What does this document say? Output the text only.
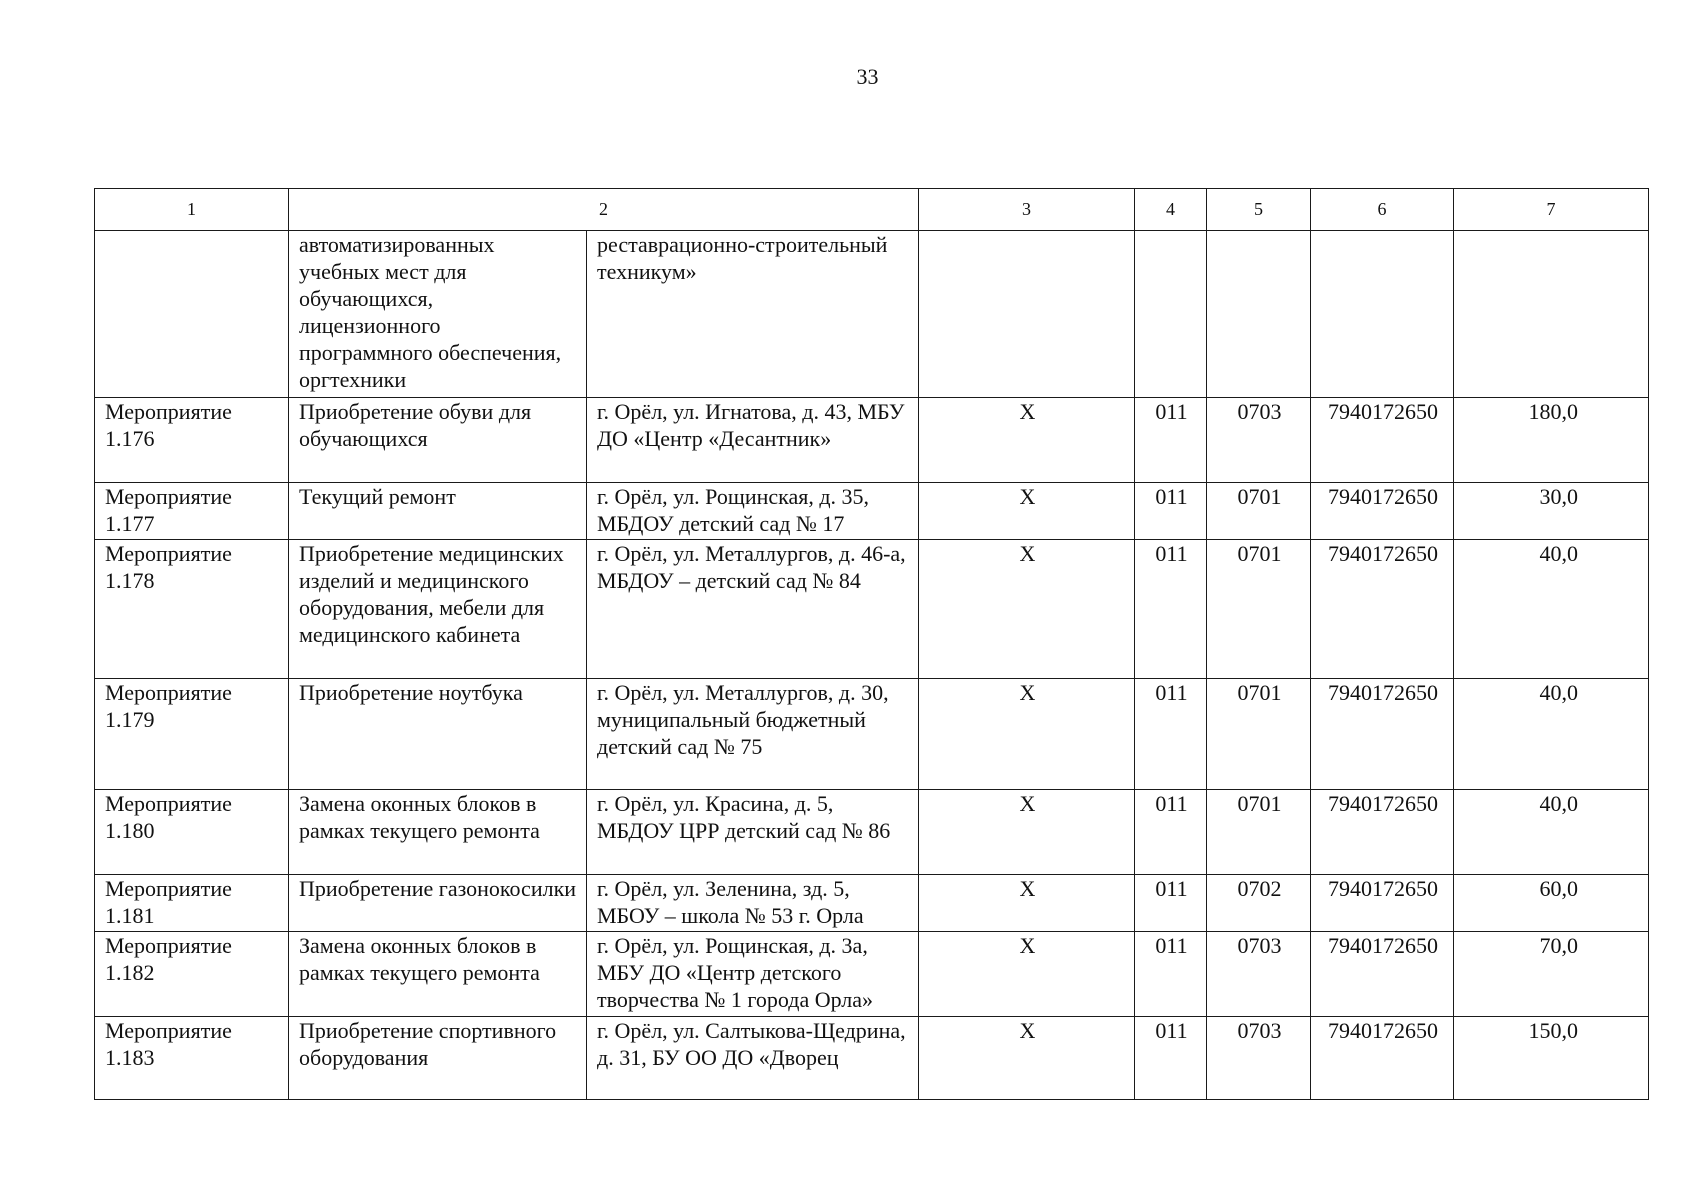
33
1	2		3	4	5	6	7
	автоматизированных учебных мест для обучающихся, лицензионного программного обеспечения, оргтехники	реставрационно-строительный техникум»					
Мероприятие 1.176	Приобретение обуви для обучающихся	г. Орёл, ул. Игнатова, д. 43, МБУ ДО «Центр «Десантник»	Х	011	0703	7940172650	180,0
Мероприятие 1.177	Текущий ремонт	г. Орёл, ул. Рощинская, д. 35, МБДОУ детский сад № 17	Х	011	0701	7940172650	30,0
Мероприятие 1.178	Приобретение медицинских изделий и медицинского оборудования, мебели для медицинского кабинета	г. Орёл, ул. Металлургов, д. 46-а, МБДОУ – детский сад № 84	Х	011	0701	7940172650	40,0
Мероприятие 1.179	Приобретение ноутбука	г. Орёл, ул. Металлургов, д. 30, муниципальный бюджетный детский сад № 75	Х	011	0701	7940172650	40,0
Мероприятие 1.180	Замена оконных блоков в рамках текущего ремонта	г. Орёл, ул. Красина, д. 5, МБДОУ ЦРР детский сад № 86	Х	011	0701	7940172650	40,0
Мероприятие 1.181	Приобретение газонокосилки	г. Орёл, ул. Зеленина, зд. 5, МБОУ – школа № 53 г. Орла	Х	011	0702	7940172650	60,0
Мероприятие 1.182	Замена оконных блоков в рамках текущего ремонта	г. Орёл, ул. Рощинская, д. 3а, МБУ ДО «Центр детского творчества № 1 города Орла»	Х	011	0703	7940172650	70,0
Мероприятие 1.183	Приобретение спортивного оборудования	г. Орёл, ул. Салтыкова-Щедрина, д. 31, БУ ОО ДО «Дворец	Х	011	0703	7940172650	150,0
